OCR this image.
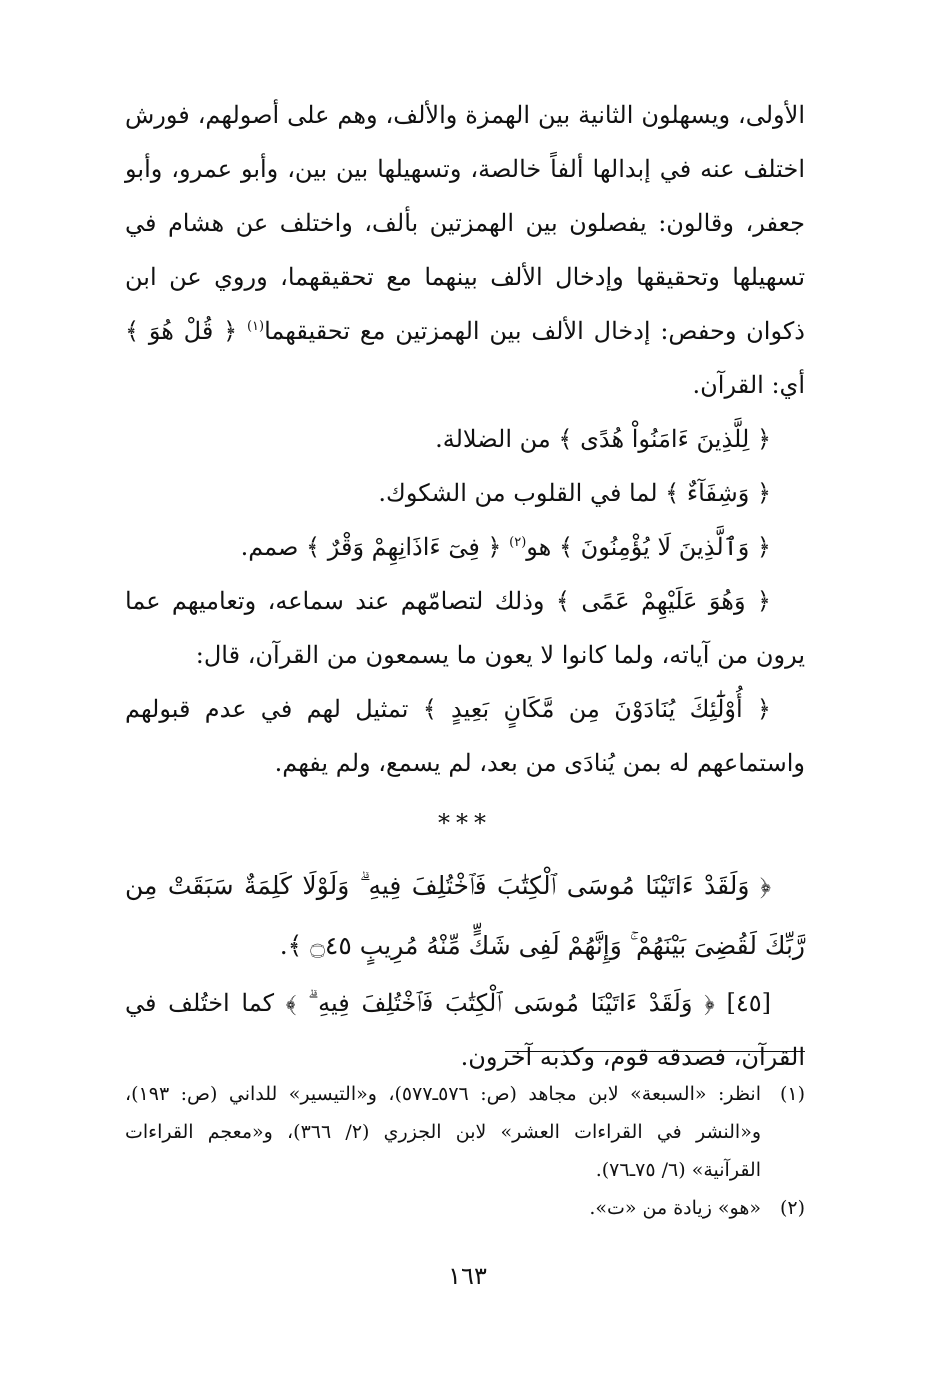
الأولى، ويسهلون الثانية بين الهمزة والألف، وهم على أصولهم، فورش اختلف عنه في إبدالها ألفاً خالصة، وتسهيلها بين بين، وأبو عمرو، وأبو جعفر، وقالون: يفصلون بين الهمزتين بألف، واختلف عن هشام في تسهيلها وتحقيقها وإدخال الألف بينهما مع تحقيقهما، وروي عن ابن ذكوان وحفص: إدخال الألف بين الهمزتين مع تحقيقهما$^{(١)}$ ﴿ قُلْ هُوَ ﴾ أي: القرآن.

﴿ لِلَّذِينَ ءَامَنُواْ هُدًى ﴾ من الضلالة.

﴿ وَشِفَآءٌ ﴾ لما في القلوب من الشكوك.

﴿ وَٱلَّذِينَ لَا يُؤْمِنُونَ ﴾ هو$^{(٢)}$ ﴿ فِىٓ ءَاذَانِهِمْ وَقْرٌ ﴾ صمم.

﴿ وَهُوَ عَلَيْهِمْ عَمًى ﴾ وذلك لتصامّهم عند سماعه، وتعاميهم عما يرون من آياته، ولما كانوا لا يعون ما يسمعون من القرآن، قال:

﴿ أُوْلَٰٓئِكَ يُنَادَوْنَ مِن مَّكَانٍ بَعِيدٍ ﴾ تمثيل لهم في عدم قبولهم واستماعهم له بمن يُنادَى من بعد، لم يسمع، ولم يفهم.

***

﴿ وَلَقَدْ ءَاتَيْنَا مُوسَى ٱلْكِتَٰبَ فَٱخْتُلِفَ فِيهِ ۗ وَلَوْلَا كَلِمَةٌ سَبَقَتْ مِن رَّبِّكَ لَقُضِىَ بَيْنَهُمْ ۚ وَإِنَّهُمْ لَفِى شَكٍّ مِّنْهُ مُرِيبٍ ۝٤٥ ﴾.

[٤٥] ﴿ وَلَقَدْ ءَاتَيْنَا مُوسَى ٱلْكِتَٰبَ فَٱخْتُلِفَ فِيهِ ۗ ﴾ كما اختُلف في القرآن، فصدقه قوم، وكذبه آخرون.

(١)
انظر: «السبعة» لابن مجاهد (ص: ٥٧٦ـ٥٧٧)، و«التيسير» للداني (ص: ١٩٣)، و«النشر في القراءات العشر» لابن الجزري (٢/ ٣٦٦)، و«معجم القراءات القرآنية» (٦/ ٧٥ـ٧٦).
(٢)
«هو» زيادة من «ت».
١٦٣
